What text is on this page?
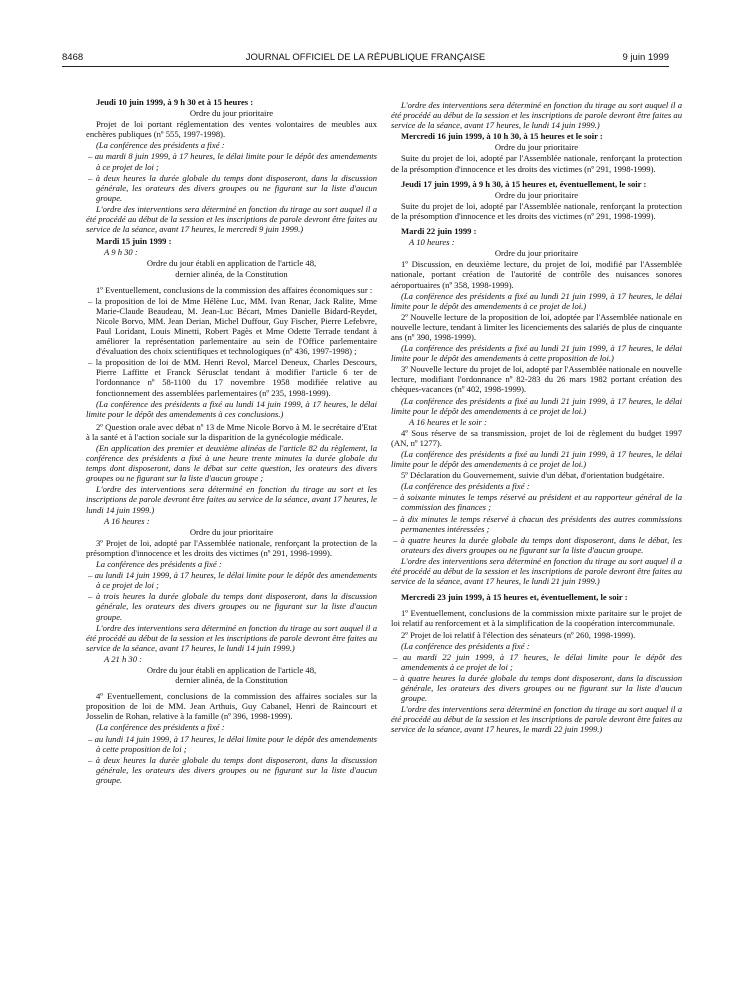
8468	JOURNAL OFFICIEL DE LA RÉPUBLIQUE FRANÇAISE	9 juin 1999

Jeudi 10 juin 1999, à 9 h 30 et à 15 heures :

Ordre du jour prioritaire

Projet de loi portant réglementation des ventes volontaires de meubles aux enchères publiques (nº 555, 1997-1998).

(La conférence des présidents a fixé :

– au mardi 8 juin 1999, à 17 heures, le délai limite pour le dépôt des amendements à ce projet de loi ;

– à deux heures la durée globale du temps dont disposeront, dans la discussion générale, les orateurs des divers groupes ou ne figurant sur la liste d'aucun groupe.

L'ordre des interventions sera déterminé en fonction du tirage au sort auquel il a été procédé au début de la session et les inscriptions de parole devront être faites au service de la séance, avant 17 heures, le mercredi 9 juin 1999.)

Mardi 15 juin 1999 :

A 9 h 30 :

Ordre du jour établi en application de l'article 48,

dernier alinéa, de la Constitution

1º Eventuellement, conclusions de la commission des affaires économiques sur :

– la proposition de loi de Mme Hélène Luc, MM. Ivan Renar, Jack Ralite, Mme Marie-Claude Beaudeau, M. Jean-Luc Bécart, Mmes Danielle Bidard-Reydet, Nicole Borvo, MM. Jean Derian, Michel Duffour, Guy Fischer, Pierre Lefebvre, Paul Loridant, Louis Minetti, Robert Pagès et Mme Odette Terrade tendant à améliorer la représentation parlementaire au sein de l'Office parlementaire d'évaluation des choix scientifiques et technologiques (nº 436, 1997-1998) ;

– la proposition de loi de MM. Henri Revol, Marcel Deneux, Charles Descours, Pierre Laffitte et Franck Sérusclat tendant à modifier l'article 6 ter de l'ordonnance nº 58-1100 du 17 novembre 1958 modifiée relative au fonctionnement des assemblées parlementaires (nº 235, 1998-1999).

(La conférence des présidents a fixé au lundi 14 juin 1999, à 17 heures, le délai limite pour le dépôt des amendements à ces conclusions.)

2º Question orale avec débat nº 13 de Mme Nicole Borvo à M. le secrétaire d'Etat à la santé et à l'action sociale sur la disparition de la gynécologie médicale.

(En application des premier et deuxième alinéas de l'article 82 du règlement, la conférence des présidents a fixé à une heure trente minutes la durée globale du temps dont disposeront, dans le débat sur cette question, les orateurs des divers groupes ou ne figurant sur la liste d'aucun groupe ;

L'ordre des interventions sera déterminé en fonction du tirage au sort et les inscriptions de parole devront être faites au service de la séance, avant 17 heures, le lundi 14 juin 1999.)

A 16 heures :

Ordre du jour prioritaire

3º Projet de loi, adopté par l'Assemblée nationale, renforçant la protection de la présomption d'innocence et les droits des victimes (nº 291, 1998-1999).

La conférence des présidents a fixé :

– au lundi 14 juin 1999, à 17 heures, le délai limite pour le dépôt des amendements à ce projet de loi ;

– à trois heures la durée globale du temps dont disposeront, dans la discussion générale, les orateurs des divers groupes ou ne figurant sur la liste d'aucun groupe.

L'ordre des interventions sera déterminé en fonction du tirage au sort auquel il a été procédé au début de la session et les inscriptions de parole devront être faites au service de la séance, avant 17 heures, le lundi 14 juin 1999.)

A 21 h 30 :

Ordre du jour établi en application de l'article 48,

dernier alinéa, de la Constitution

4º Eventuellement, conclusions de la commission des affaires sociales sur la proposition de loi de MM. Jean Arthuis, Guy Cabanel, Henri de Raincourt et Josselin de Rohan, relative à la famille (nº 396, 1998-1999).

(La conférence des présidents a fixé :

– au lundi 14 juin 1999, à 17 heures, le délai limite pour le dépôt des amendements à cette proposition de loi ;

– à deux heures la durée globale du temps dont disposeront, dans la discussion générale, les orateurs des divers groupes ou ne figurant sur la liste d'aucun groupe.

L'ordre des interventions sera déterminé en fonction du tirage au sort auquel il a été procédé au début de la session et les inscriptions de parole devront être faites au service de la séance, avant 17 heures, le lundi 14 juin 1999.)

Mercredi 16 juin 1999, à 10 h 30, à 15 heures et le soir :

Ordre du jour prioritaire

Suite du projet de loi, adopté par l'Assemblée nationale, renforçant la protection de la présomption d'innocence et les droits des victimes (nº 291, 1998-1999).

Jeudi 17 juin 1999, à 9 h 30, à 15 heures et, éventuellement, le soir :

Ordre du jour prioritaire

Suite du projet de loi, adopté par l'Assemblée nationale, renforçant la protection de la présomption d'innocence et les droits des victimes (nº 291, 1998-1999).

Mardi 22 juin 1999 :

A 10 heures :

Ordre du jour prioritaire

1º Discussion, en deuxième lecture, du projet de loi, modifié par l'Assemblée nationale, portant création de l'autorité de contrôle des nuisances sonores aéroportuaires (nº 358, 1998-1999).

(La conférence des présidents a fixé au lundi 21 juin 1999, à 17 heures, le délai limite pour le dépôt des amendements à ce projet de loi.)

2º Nouvelle lecture de la proposition de loi, adoptée par l'Assemblée nationale en nouvelle lecture, tendant à limiter les licenciements des salariés de plus de cinquante ans (nº 390, 1998-1999).

(La conférence des présidents a fixé au lundi 21 juin 1999, à 17 heures, le délai limite pour le dépôt des amendements à cette proposition de loi.)

3º Nouvelle lecture du projet de loi, adopté par l'Assemblée nationale en nouvelle lecture, modifiant l'ordonnance nº 82-283 du 26 mars 1982 portant création des chèques-vacances (nº 402, 1998-1999).

(La conférence des présidents a fixé au lundi 21 juin 1999, à 17 heures, le délai limite pour le dépôt des amendements à ce projet de loi.)

A 16 heures et le soir :

4º Sous réserve de sa transmission, projet de loi de règlement du budget 1997 (AN, nº 1277).

(La conférence des présidents a fixé au lundi 21 juin 1999, à 17 heures, le délai limite pour le dépôt des amendements à ce projet de loi.)

5º Déclaration du Gouvernement, suivie d'un débat, d'orientation budgétaire.

(La conférence des présidents a fixé :

– à soixante minutes le temps réservé au président et au rapporteur général de la commission des finances ;

– à dix minutes le temps réservé à chacun des présidents des autres commissions permanentes intéressées ;

– à quatre heures la durée globale du temps dont disposeront, dans le débat, les orateurs des divers groupes ou ne figurant sur la liste d'aucun groupe.

L'ordre des interventions sera déterminé en fonction du tirage au sort auquel il a été procédé au début de la session et les inscriptions de parole devront être faites au service de la séance, avant 17 heures, le lundi 21 juin 1999.)

Mercredi 23 juin 1999, à 15 heures et, éventuellement, le soir :

1º Eventuellement, conclusions de la commission mixte paritaire sur le projet de loi relatif au renforcement et à la simplification de la coopération intercommunale.

2º Projet de loi relatif à l'élection des sénateurs (nº 260, 1998-1999).

(La conférence des présidents a fixé :

– au mardi 22 juin 1999, à 17 heures, le délai limite pour le dépôt des amendements à ce projet de loi ;

– à quatre heures la durée globale du temps dont disposeront, dans la discussion générale, les orateurs des divers groupes ou ne figurant sur la liste d'aucun groupe.

L'ordre des interventions sera déterminé en fonction du tirage au sort auquel il a été procédé au début de la session et les inscriptions de parole devront être faites au service de la séance, avant 17 heures, le mardi 22 juin 1999.)
